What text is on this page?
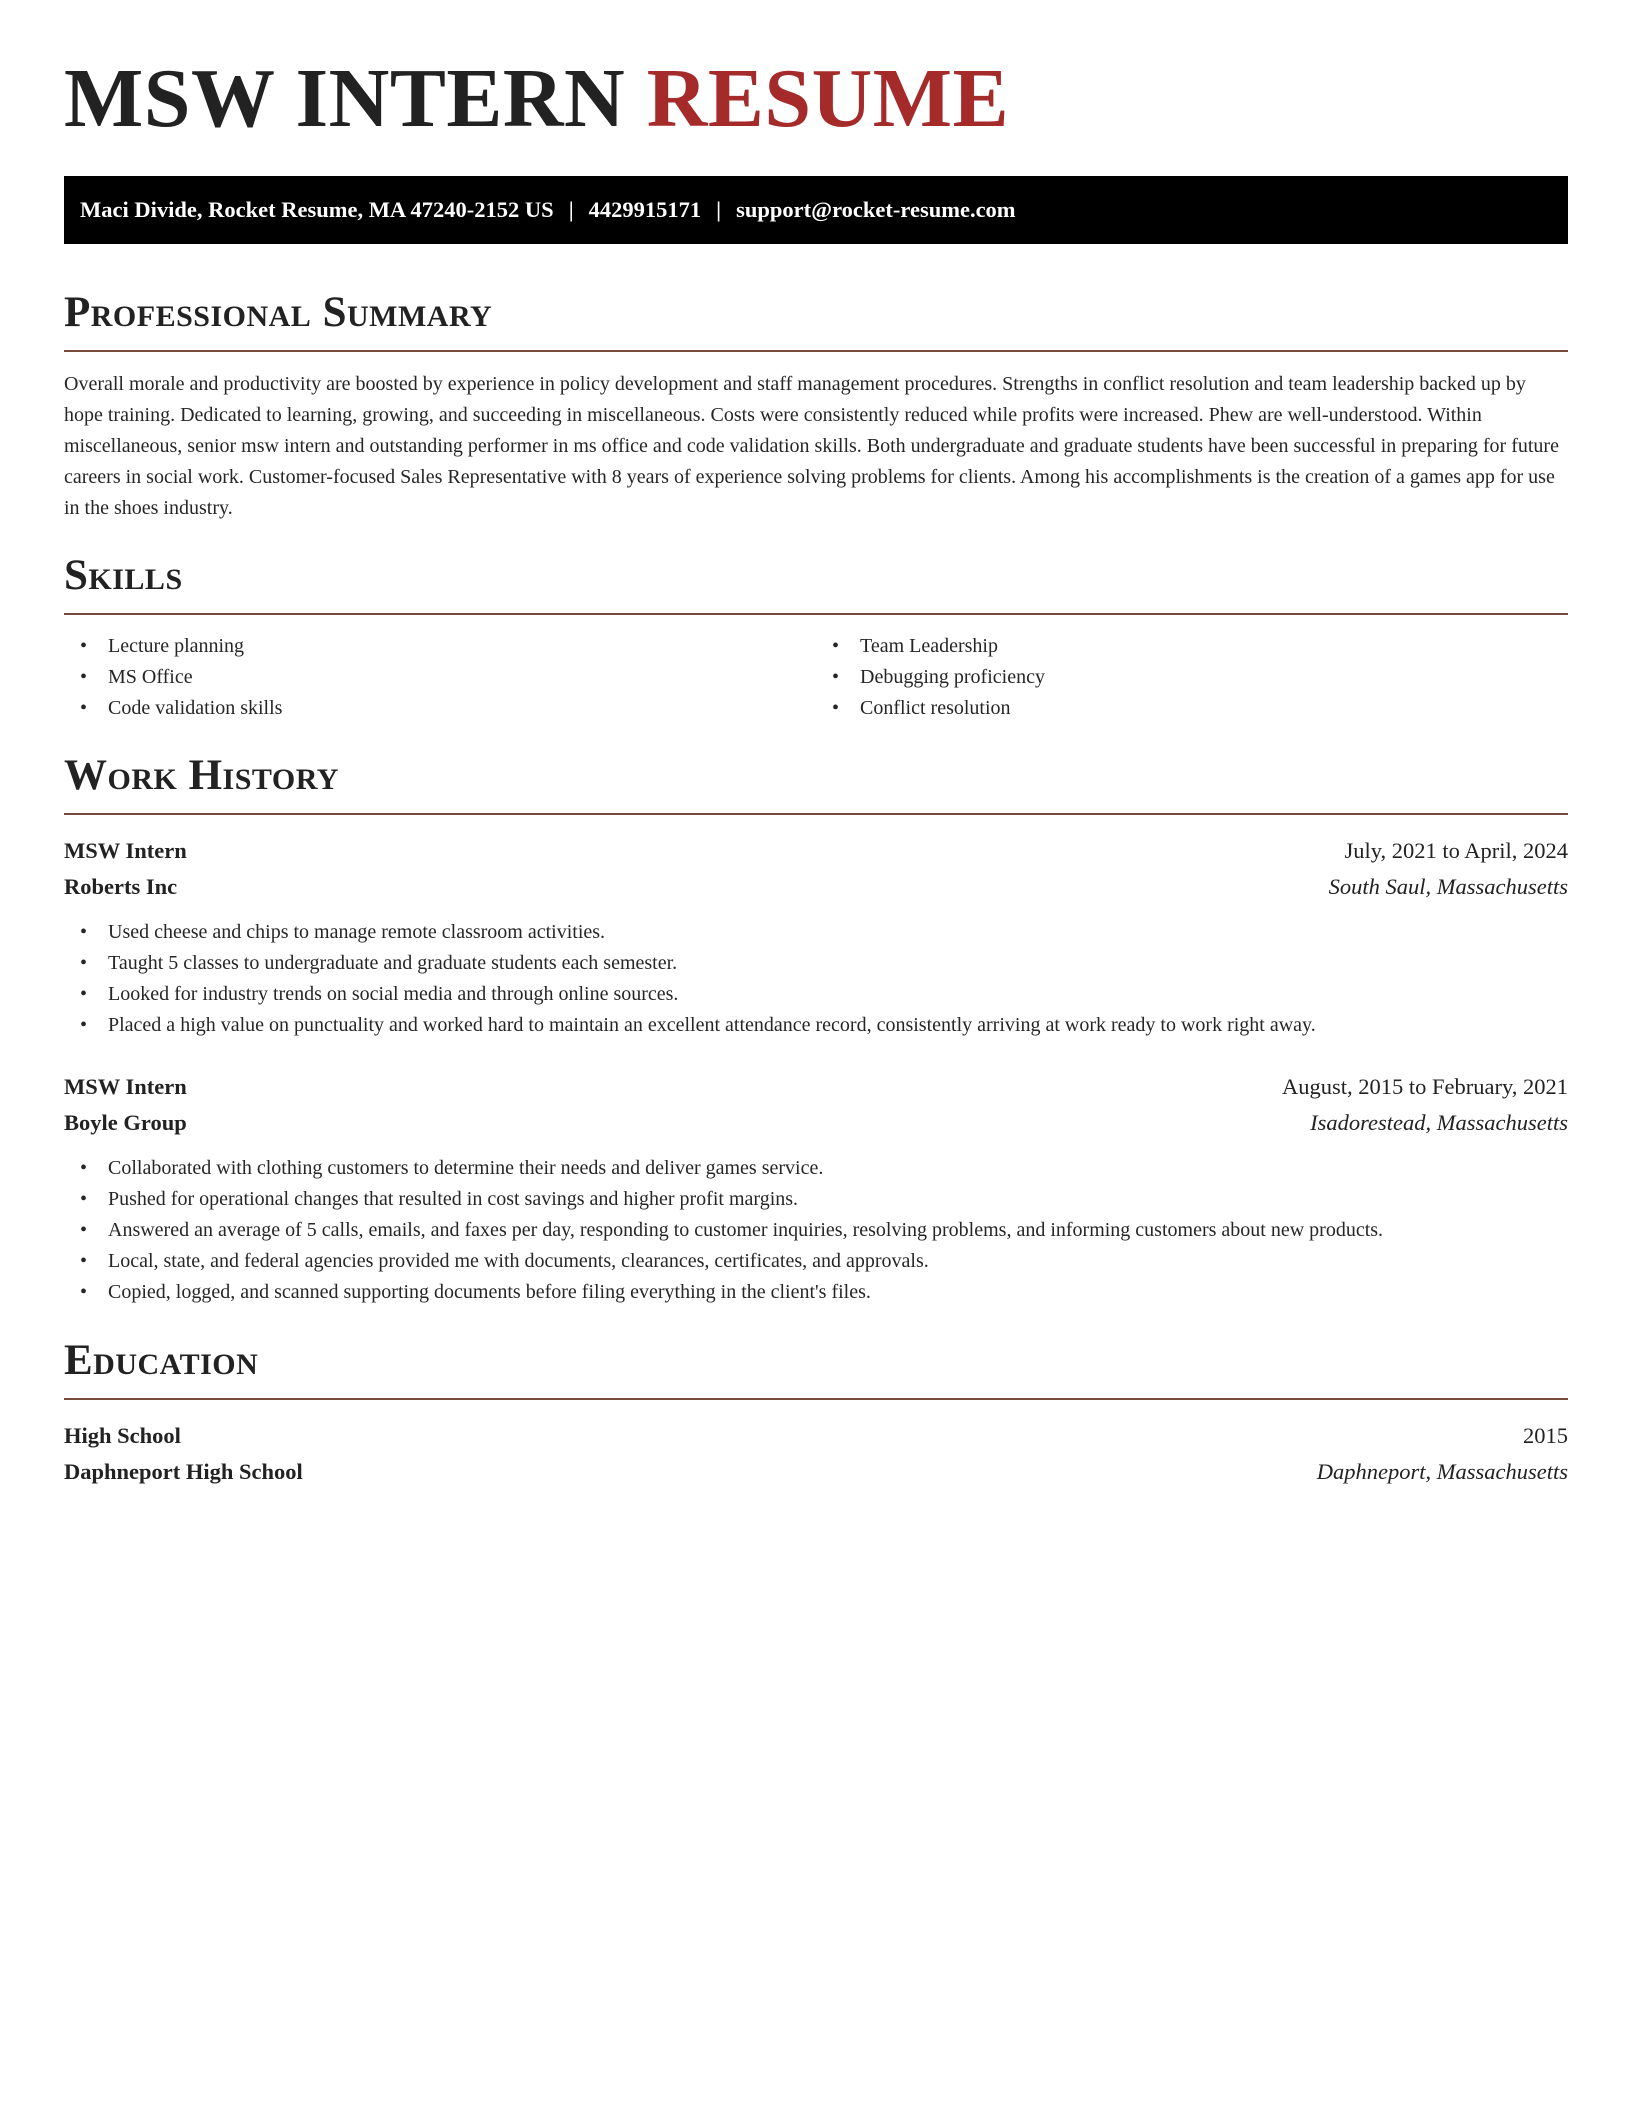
MSW INTERN RESUME
Maci Divide, Rocket Resume, MA 47240-2152 US | 4429915171 | support@rocket-resume.com
Professional Summary

Overall morale and productivity are boosted by experience in policy development and staff management procedures. Strengths in conflict resolution and team leadership backed up by hope training. Dedicated to learning, growing, and succeeding in miscellaneous. Costs were consistently reduced while profits were increased. Phew are well-understood. Within miscellaneous, senior msw intern and outstanding performer in ms office and code validation skills. Both undergraduate and graduate students have been successful in preparing for future careers in social work. Customer-focused Sales Representative with 8 years of experience solving problems for clients. Among his accomplishments is the creation of a games app for use in the shoes industry.

Skills
• Lecture planning
• MS Office
• Code validation skills
• Team Leadership
• Debugging proficiency
• Conflict resolution
Work History
MSW Intern	July, 2021 to April, 2024
Roberts Inc	South Saul, Massachusetts
• Used cheese and chips to manage remote classroom activities.
• Taught 5 classes to undergraduate and graduate students each semester.
• Looked for industry trends on social media and through online sources.
• Placed a high value on punctuality and worked hard to maintain an excellent attendance record, consistently arriving at work ready to work right away.
MSW Intern	August, 2015 to February, 2021
Boyle Group	Isadorestead, Massachusetts
• Collaborated with clothing customers to determine their needs and deliver games service.
• Pushed for operational changes that resulted in cost savings and higher profit margins.
• Answered an average of 5 calls, emails, and faxes per day, responding to customer inquiries, resolving problems, and informing customers about new products.
• Local, state, and federal agencies provided me with documents, clearances, certificates, and approvals.
• Copied, logged, and scanned supporting documents before filing everything in the client's files.
Education
High School	2015
Daphneport High School	Daphneport, Massachusetts
